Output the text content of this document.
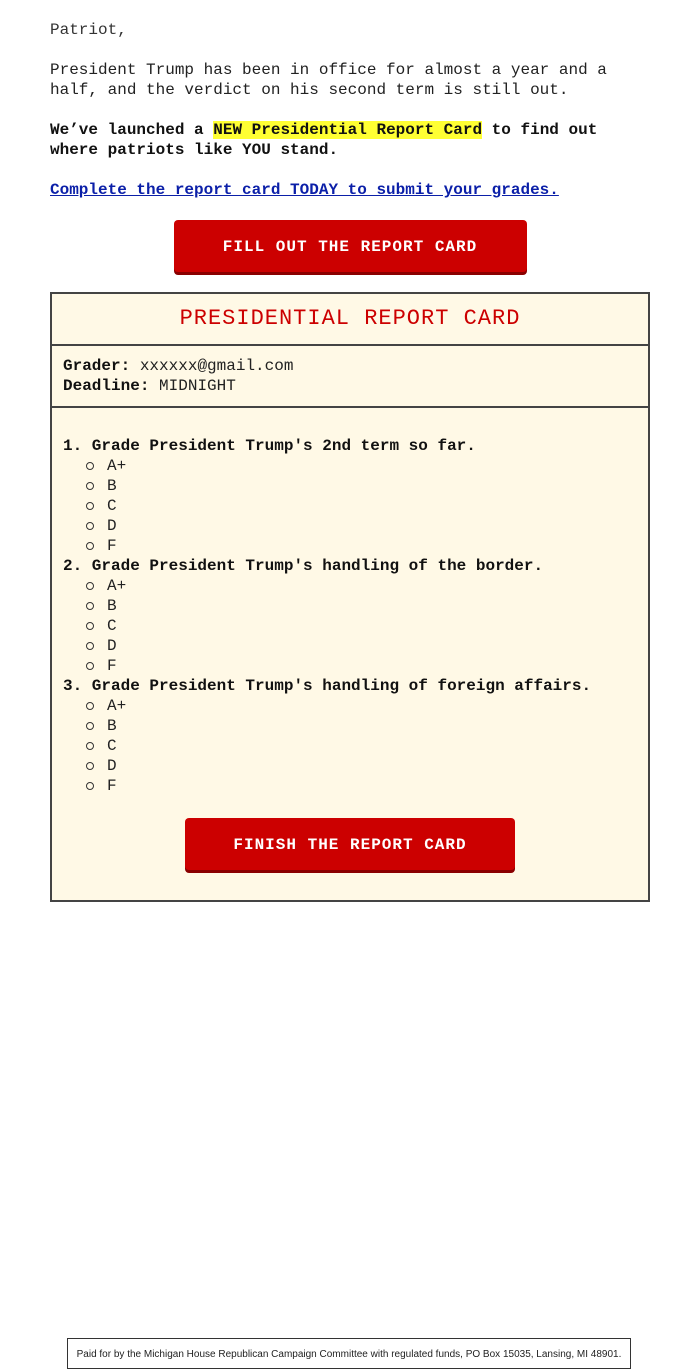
Patriot,

President Trump has been in office for almost a year and a half, and the verdict on his second term is still out.

We’ve launched a NEW Presidential Report Card to find out where patriots like YOU stand.

Complete the report card TODAY to submit your grades.

FILL OUT THE REPORT CARD
PRESIDENTIAL REPORT CARD
Grader: xxxxxx@gmail.com
Deadline: MIDNIGHT
1. Grade President Trump's 2nd term so far.
A+
B
C
D
F
2. Grade President Trump's handling of the border.
A+
B
C
D
F
3. Grade President Trump's handling of foreign affairs.
A+
B
C
D
F
FINISH THE REPORT CARD
Paid for by the Michigan House Republican Campaign Committee with regulated funds, PO Box 15035, Lansing, MI 48901.
